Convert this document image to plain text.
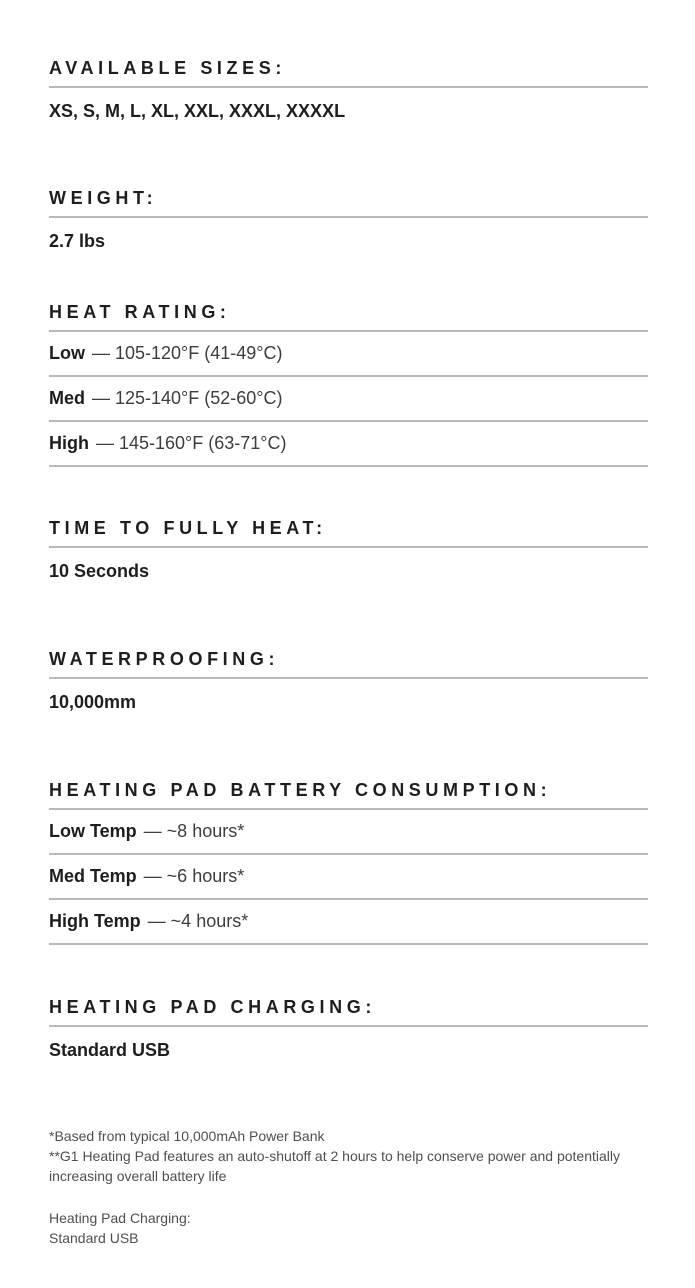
AVAILABLE SIZES:
XS, S, M, L, XL, XXL, XXXL, XXXXL
WEIGHT:
2.7 lbs
HEAT RATING:
Low — 105-120°F (41-49°C)
Med — 125-140°F (52-60°C)
High — 145-160°F (63-71°C)
TIME TO FULLY HEAT:
10 Seconds
WATERPROOFING:
10,000mm
HEATING PAD BATTERY CONSUMPTION:
Low Temp — ~8 hours*
Med Temp — ~6 hours*
High Temp — ~4 hours*
HEATING PAD CHARGING:
Standard USB

*Based from typical 10,000mAh Power Bank

**G1 Heating Pad features an auto-shutoff at 2 hours to help conserve power and potentially increasing overall battery life

Heating Pad Charging:
Standard USB
